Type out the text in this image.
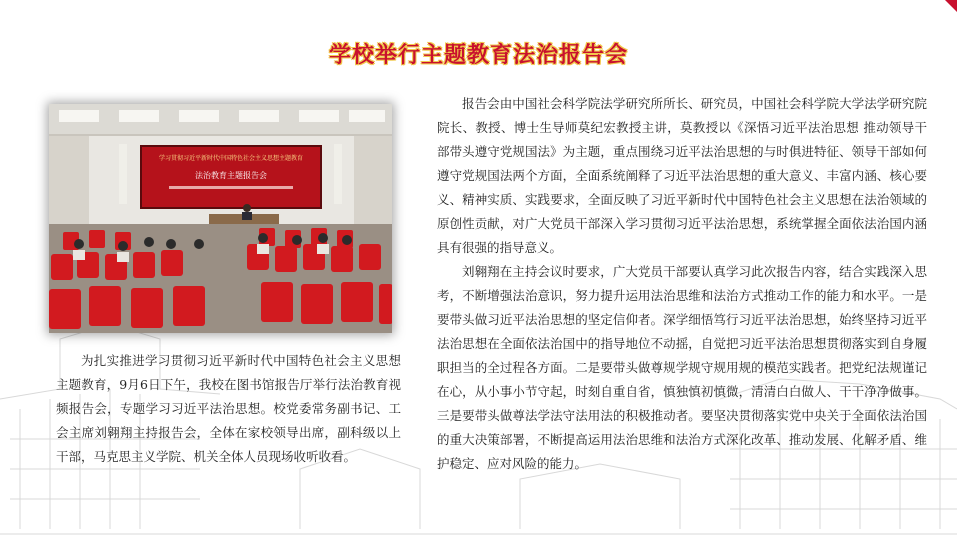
学校举行主题教育法治报告会
学习贯彻习近平新时代中国特色社会主义思想主题教育
法治教育主题报告会

为扎实推进学习贯彻习近平新时代中国特色社会主义思想主题教育，9月6日下午，我校在图书馆报告厅举行法治教育视频报告会，专题学习习近平法治思想。校党委常务副书记、工会主席刘翱翔主持报告会，全体在家校领导出席，副科级以上干部，马克思主义学院、机关全体人员现场收听收看。

报告会由中国社会科学院法学研究所所长、研究员，中国社会科学院大学法学研究院院长、教授、博士生导师莫纪宏教授主讲，莫教授以《深悟习近平法治思想 推动领导干部带头遵守党规国法》为主题，重点围绕习近平法治思想的与时俱进特征、领导干部如何遵守党规国法两个方面，全面系统阐释了习近平法治思想的重大意义、丰富内涵、核心要义、精神实质、实践要求，全面反映了习近平新时代中国特色社会主义思想在法治领域的原创性贡献，对广大党员干部深入学习贯彻习近平法治思想，系统掌握全面依法治国内涵具有很强的指导意义。

刘翱翔在主持会议时要求，广大党员干部要认真学习此次报告内容，结合实践深入思考，不断增强法治意识，努力提升运用法治思维和法治方式推动工作的能力和水平。一是要带头做习近平法治思想的坚定信仰者。深学细悟笃行习近平法治思想，始终坚持习近平法治思想在全面依法治国中的指导地位不动摇，自觉把习近平法治思想贯彻落实到自身履职担当的全过程各方面。二是要带头做尊规学规守规用规的模范实践者。把党纪法规谨记在心，从小事小节守起，时刻自重自省，慎独慎初慎微，清清白白做人、干干净净做事。三是要带头做尊法学法守法用法的积极推动者。要坚决贯彻落实党中央关于全面依法治国的重大决策部署，不断提高运用法治思维和法治方式深化改革、推动发展、化解矛盾、维护稳定、应对风险的能力。
